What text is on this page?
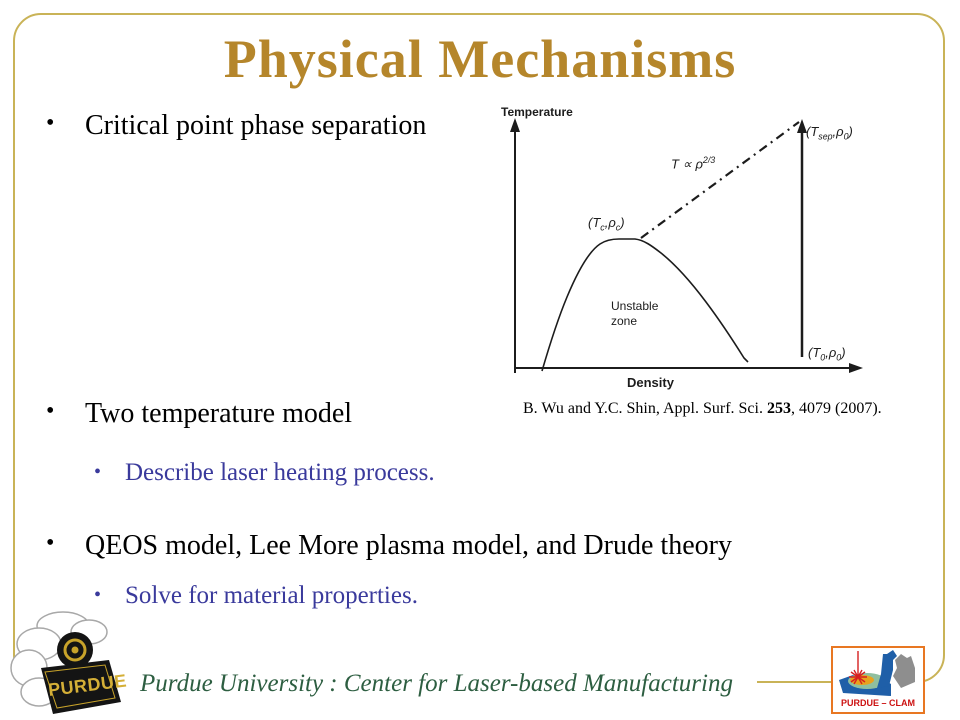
Physical Mechanisms
•	Critical point phase separation
•	Two temperature model
• Describe laser heating process.
•	QEOS model, Lee More plasma model, and Drude theory
• Solve for material properties.
Temperature
Density
$(T_{sep},\rho_0)$
$T \propto \rho^{2/3}$
$(T_c,\rho_c)$
$(T_0,\rho_0)$
Unstable
zone
B. Wu and Y.C. Shin, Appl. Surf. Sci. 253, 4079 (2007).
Purdue University : Center for Laser-based Manufacturing
PURDUE
PURDUE – CLAM
